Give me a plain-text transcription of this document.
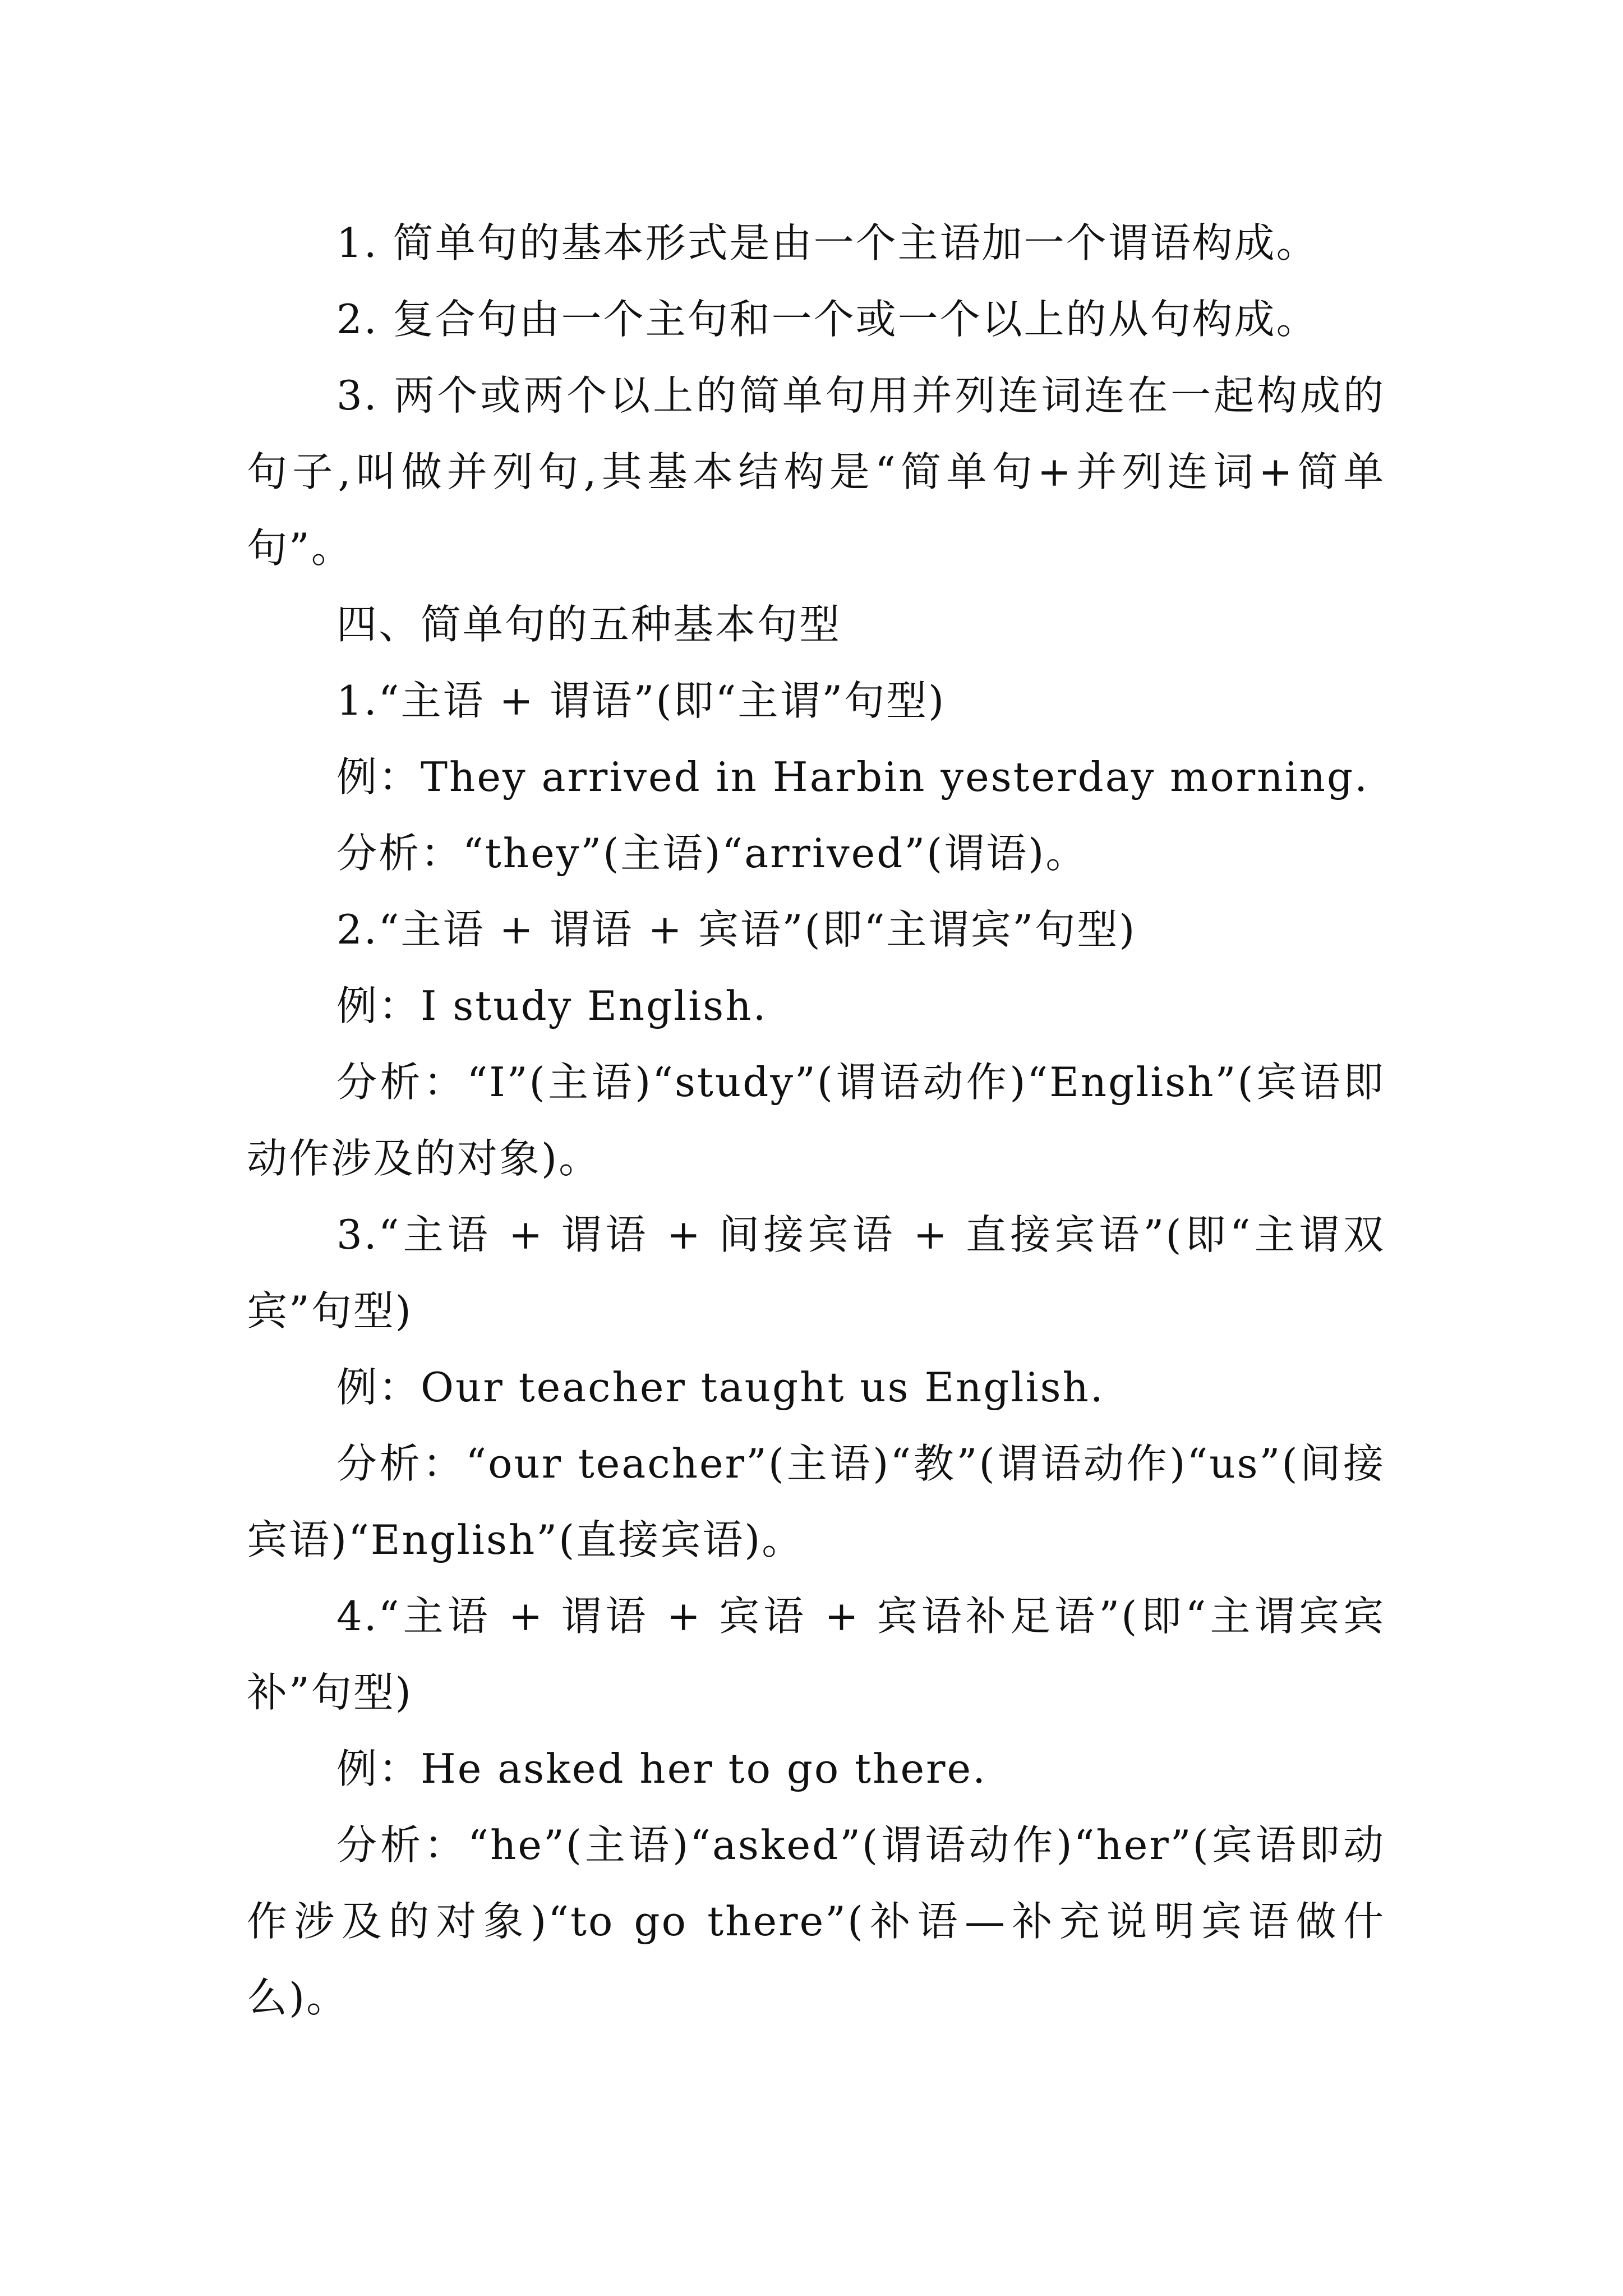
1. 简单句的基本形式是由一个主语加一个谓语构成。

2. 复合句由一个主句和一个或一个以上的从句构成。

3. 两个或两个以上的简单句用并列连词连在一起构成的句子,叫做并列句,其基本结构是“简单句+并列连词+简单句”。

四、简单句的五种基本句型

1.“主语 + 谓语”(即“主谓”句型)

例：They arrived in Harbin yesterday morning.

分析：“they”(主语)“arrived”(谓语)。

2.“主语 + 谓语 + 宾语”(即“主谓宾”句型)

例：I study English.

分析：“I”(主语)“study”(谓语动作)“English”(宾语即动作涉及的对象)。

3.“主语 + 谓语 + 间接宾语 + 直接宾语”(即“主谓双宾”句型)

例：Our teacher taught us English.

分析：“our teacher”(主语)“教”(谓语动作)“us”(间接宾语)“English”(直接宾语)。

4.“主语 + 谓语 + 宾语 + 宾语补足语”(即“主谓宾宾补”句型)

例：He asked her to go there.

分析：“he”(主语)“asked”(谓语动作)“her”(宾语即动作涉及的对象)“to go there”(补语—补充说明宾语做什么)。
